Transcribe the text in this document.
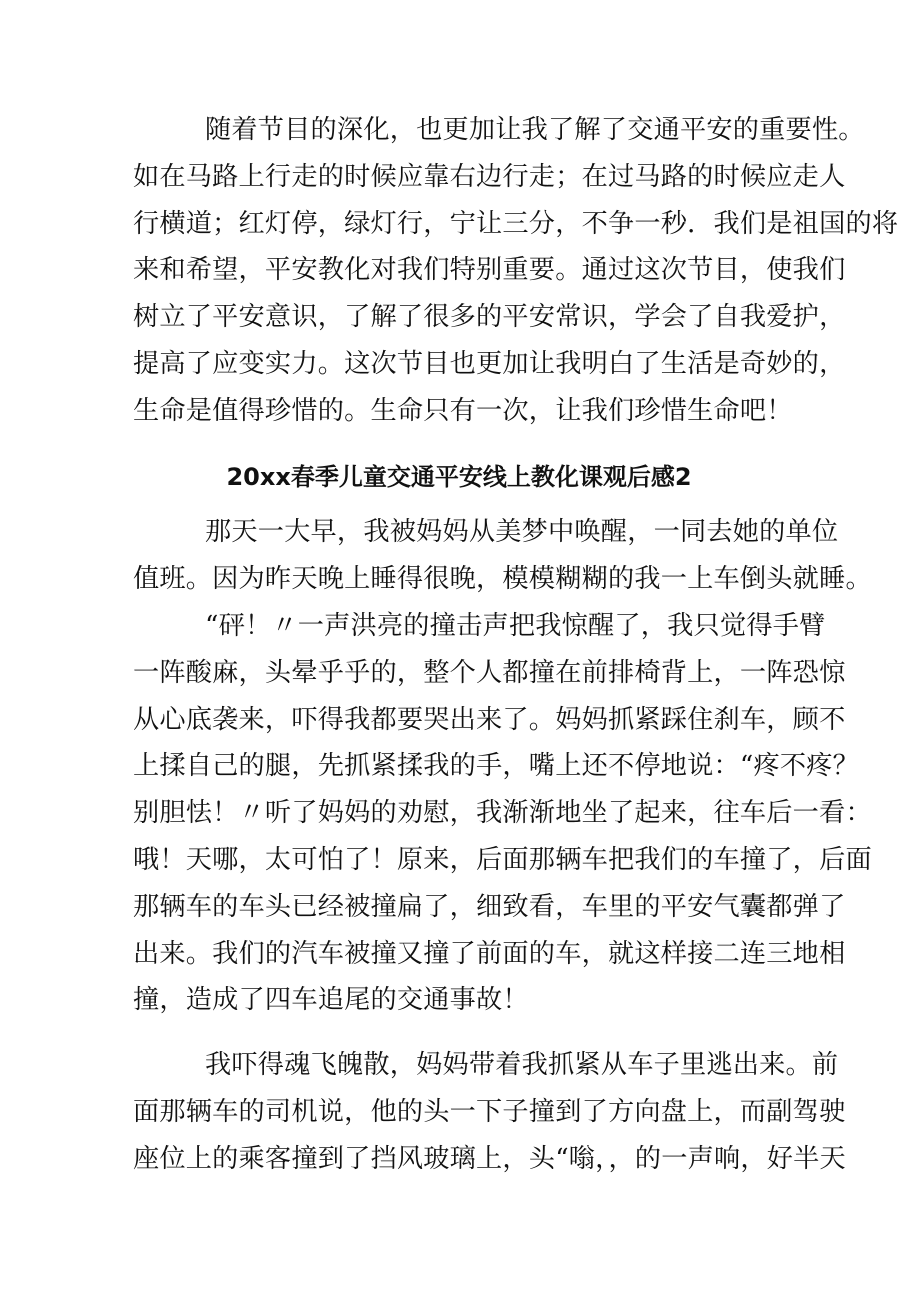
随着节目的深化，也更加让我了解了交通平安的重要性。
如在马路上行走的时候应靠右边行走；在过马路的时候应走人
行横道；红灯停，绿灯行，宁让三分，不争一秒．我们是祖国的将
来和希望，平安教化对我们特别重要。通过这次节目，使我们
树立了平安意识，了解了很多的平安常识，学会了自我爱护，
提高了应变实力。这次节目也更加让我明白了生活是奇妙的，
生命是值得珍惜的。生命只有一次，让我们珍惜生命吧！
20xx春季儿童交通平安线上教化课观后感2
那天一大早，我被妈妈从美梦中唤醒，一同去她的单位
值班。因为昨天晚上睡得很晚，模模糊糊的我一上车倒头就睡。
“砰！〃一声洪亮的撞击声把我惊醒了，我只觉得手臂
一阵酸麻，头晕乎乎的，整个人都撞在前排椅背上，一阵恐惊
从心底袭来，吓得我都要哭出来了。妈妈抓紧踩住刹车，顾不
上揉自己的腿，先抓紧揉我的手，嘴上还不停地说：“疼不疼？
别胆怯！〃听了妈妈的劝慰，我渐渐地坐了起来，往车后一看：
哦！天哪，太可怕了！原来，后面那辆车把我们的车撞了，后面
那辆车的车头已经被撞扁了，细致看，车里的平安气囊都弹了
出来。我们的汽车被撞又撞了前面的车，就这样接二连三地相
撞，造成了四车追尾的交通事故！
我吓得魂飞魄散，妈妈带着我抓紧从车子里逃出来。前
面那辆车的司机说，他的头一下子撞到了方向盘上，而副驾驶
座位上的乘客撞到了挡风玻璃上，头“嗡，，的一声响，好半天
